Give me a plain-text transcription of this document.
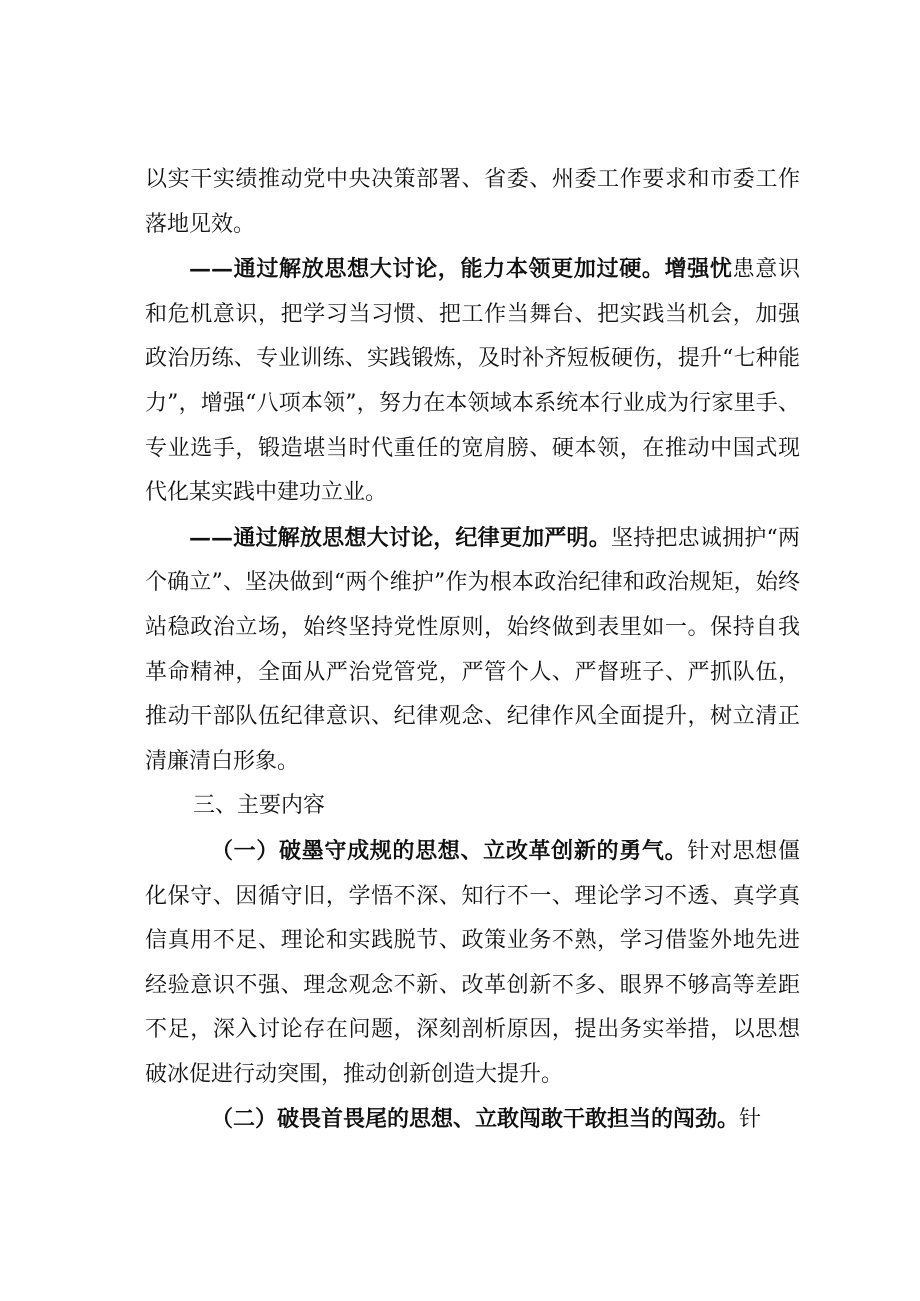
以实干实绩推动党中央决策部署、省委、州委工作要求和市委工作落地见效。

——通过解放思想大讨论，能力本领更加过硬。增强忧患意识和危机意识，把学习当习惯、把工作当舞台、把实践当机会，加强政治历练、专业训练、实践锻炼，及时补齐短板硬伤，提升“七种能力”，增强“八项本领”，努力在本领域本系统本行业成为行家里手、专业选手，锻造堪当时代重任的宽肩膀、硬本领，在推动中国式现代化某实践中建功立业。

——通过解放思想大讨论，纪律更加严明。坚持把忠诚拥护“两个确立”、坚决做到“两个维护”作为根本政治纪律和政治规矩，始终站稳政治立场，始终坚持党性原则，始终做到表里如一。保持自我革命精神，全面从严治党管党，严管个人、严督班子、严抓队伍，推动干部队伍纪律意识、纪律观念、纪律作风全面提升，树立清正清廉清白形象。

三、主要内容

（一）破墨守成规的思想、立改革创新的勇气。针对思想僵化保守、因循守旧，学悟不深、知行不一、理论学习不透、真学真信真用不足、理论和实践脱节、政策业务不熟，学习借鉴外地先进经验意识不强、理念观念不新、改革创新不多、眼界不够高等差距不足，深入讨论存在问题，深刻剖析原因，提出务实举措，以思想破冰促进行动突围，推动创新创造大提升。

（二）破畏首畏尾的思想、立敢闯敢干敢担当的闯劲。针
